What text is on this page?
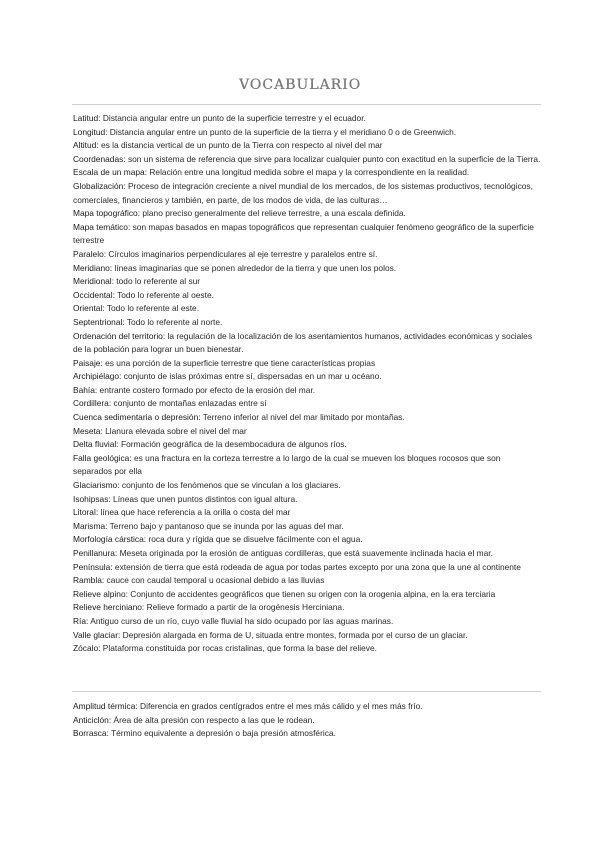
VOCABULARIO
Latitud: Distancia angular entre un punto de la superficie terrestre y el ecuador.
Longitud: Distancia angular entre un punto de la superficie de la tierra y el meridiano 0 o de Greenwich.
Altitud: es la distancia vertical de un punto de la Tierra con respecto al nivel del mar
Coordenadas: son un sistema de referencia que sirve para localizar cualquier punto con exactitud en la superficie de la Tierra.
Escala de un mapa: Relación entre una longitud medida sobre el mapa y la correspondiente en la realidad.
Globalización: Proceso de integración creciente a nivel mundial de los mercados, de los sistemas productivos, tecnológicos, comerciales, financieros y también, en parte, de los modos de vida, de las culturas…
Mapa topográfico: plano preciso generalmente del relieve terrestre, a una escala definida.
Mapa temático: son mapas basados en mapas topográficos que representan cualquier fenómeno geográfico de la superficie terrestre
Paralelo: Círculos imaginarios perpendiculares al eje terrestre y paralelos entre sí.
Meridiano: líneas imaginarias que se ponen alrededor de la tierra y que unen los polos.
Meridional: todo lo referente al sur
Occidental: Todo lo referente al oeste.
Oriental: Todo lo referente al este.
Septentrional: Todo lo referente al norte.
Ordenación del territorio: la regulación de la localización de los asentamientos humanos, actividades económicas y sociales de la población para lograr un buen bienestar.
Paisaje: es una porción de la superficie terrestre que tiene características propias
Archipiélago: conjunto de islas próximas entre sí, dispersadas en un mar u océano.
Bahía: entrante costero formado por efecto de la erosión del mar.
Cordillera: conjunto de montañas enlazadas entre sí
Cuenca sedimentaria o depresión: Terreno inferior al nivel del mar limitado por montañas.
Meseta: Llanura elevada sobre el nivel del mar
Delta fluvial: Formación geográfica de la desembocadura de algunos ríos.
Falla geológica: es una fractura en la corteza terrestre a lo largo de la cual se mueven los bloques rocosos que son separados por ella
Glaciarismo: conjunto de los fenómenos que se vinculan a los glaciares.
Isohipsas: Líneas que unen puntos distintos con igual altura.
Litoral: línea que hace referencia a la orilla o costa del mar
Marisma: Terreno bajo y pantanoso que se inunda por las aguas del mar.
Morfología cárstica: roca dura y rígida que se disuelve fácilmente con el agua.
Penillanura: Meseta originada por la erosión de antiguas cordilleras, que está suavemente inclinada hacia el mar.
Península: extensión de tierra que está rodeada de agua por todas partes excepto por una zona que la une al continente
Rambla: cauce con caudal temporal u ocasional debido a las lluvias
Relieve alpino: Conjunto de accidentes geográficos que tienen su origen con la orogenia alpina, en la era terciaria
Relieve herciniano: Relieve formado a partir de la orogénesis Herciniana.
Ría: Antiguo curso de un río, cuyo valle fluvial ha sido ocupado por las aguas marinas.
Valle glaciar: Depresión alargada en forma de U, situada entre montes, formada por el curso de un glaciar.
Zócalo: Plataforma constituida por rocas cristalinas, que forma la base del relieve.
Amplitud térmica: Diferencia en grados centígrados entre el mes más cálido y el mes más frío.
Anticiclón: Área de alta presión con respecto a las que le rodean.
Borrasca: Término equivalente a depresión o baja presión atmosférica.
